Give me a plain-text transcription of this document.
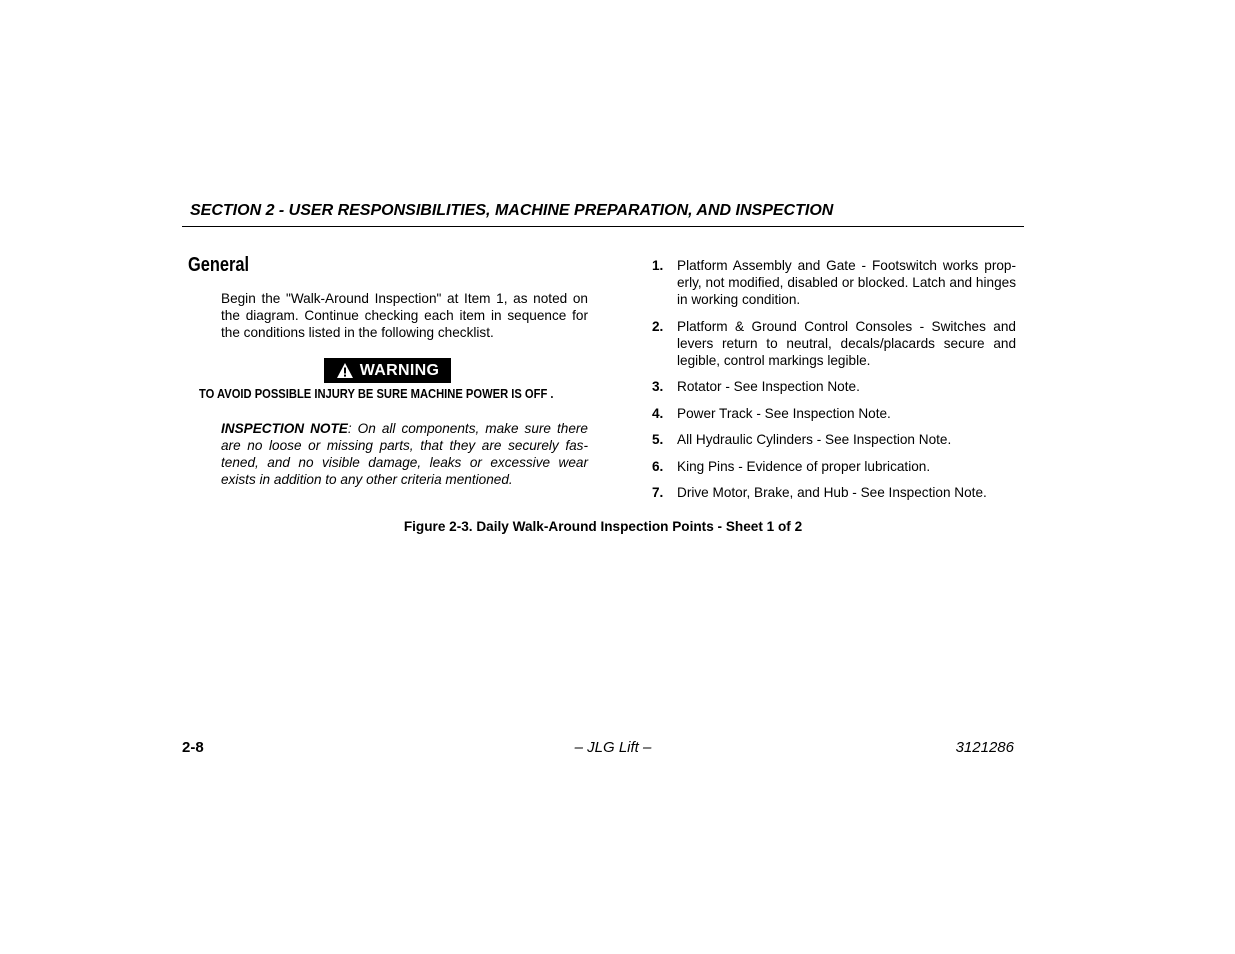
SECTION 2 - USER RESPONSIBILITIES, MACHINE PREPARATION, AND INSPECTION
General
Begin the "Walk-Around Inspection" at Item 1, as noted on the diagram. Continue checking each item in sequence for the conditions listed in the following checklist.
WARNING
TO AVOID POSSIBLE INJURY BE SURE MACHINE POWER IS OFF .
INSPECTION NOTE: On all components, make sure there are no loose or missing parts, that they are securely fastened, and no visible damage, leaks or excessive wear exists in addition to any other criteria mentioned.
1.	Platform Assembly and Gate - Footswitch works properly, not modified, disabled or blocked. Latch and hinges in working condition.
2.	Platform & Ground Control Consoles - Switches and levers return to neutral, decals/placards secure and legible, control markings legible.
3.	Rotator - See Inspection Note.
4.	Power Track - See Inspection Note.
5.	All Hydraulic Cylinders - See Inspection Note.
6.	King Pins - Evidence of proper lubrication.
7.	Drive Motor, Brake, and Hub - See Inspection Note.
Figure 2-3. Daily Walk-Around Inspection Points - Sheet 1 of 2
2-8	– JLG Lift –	3121286
